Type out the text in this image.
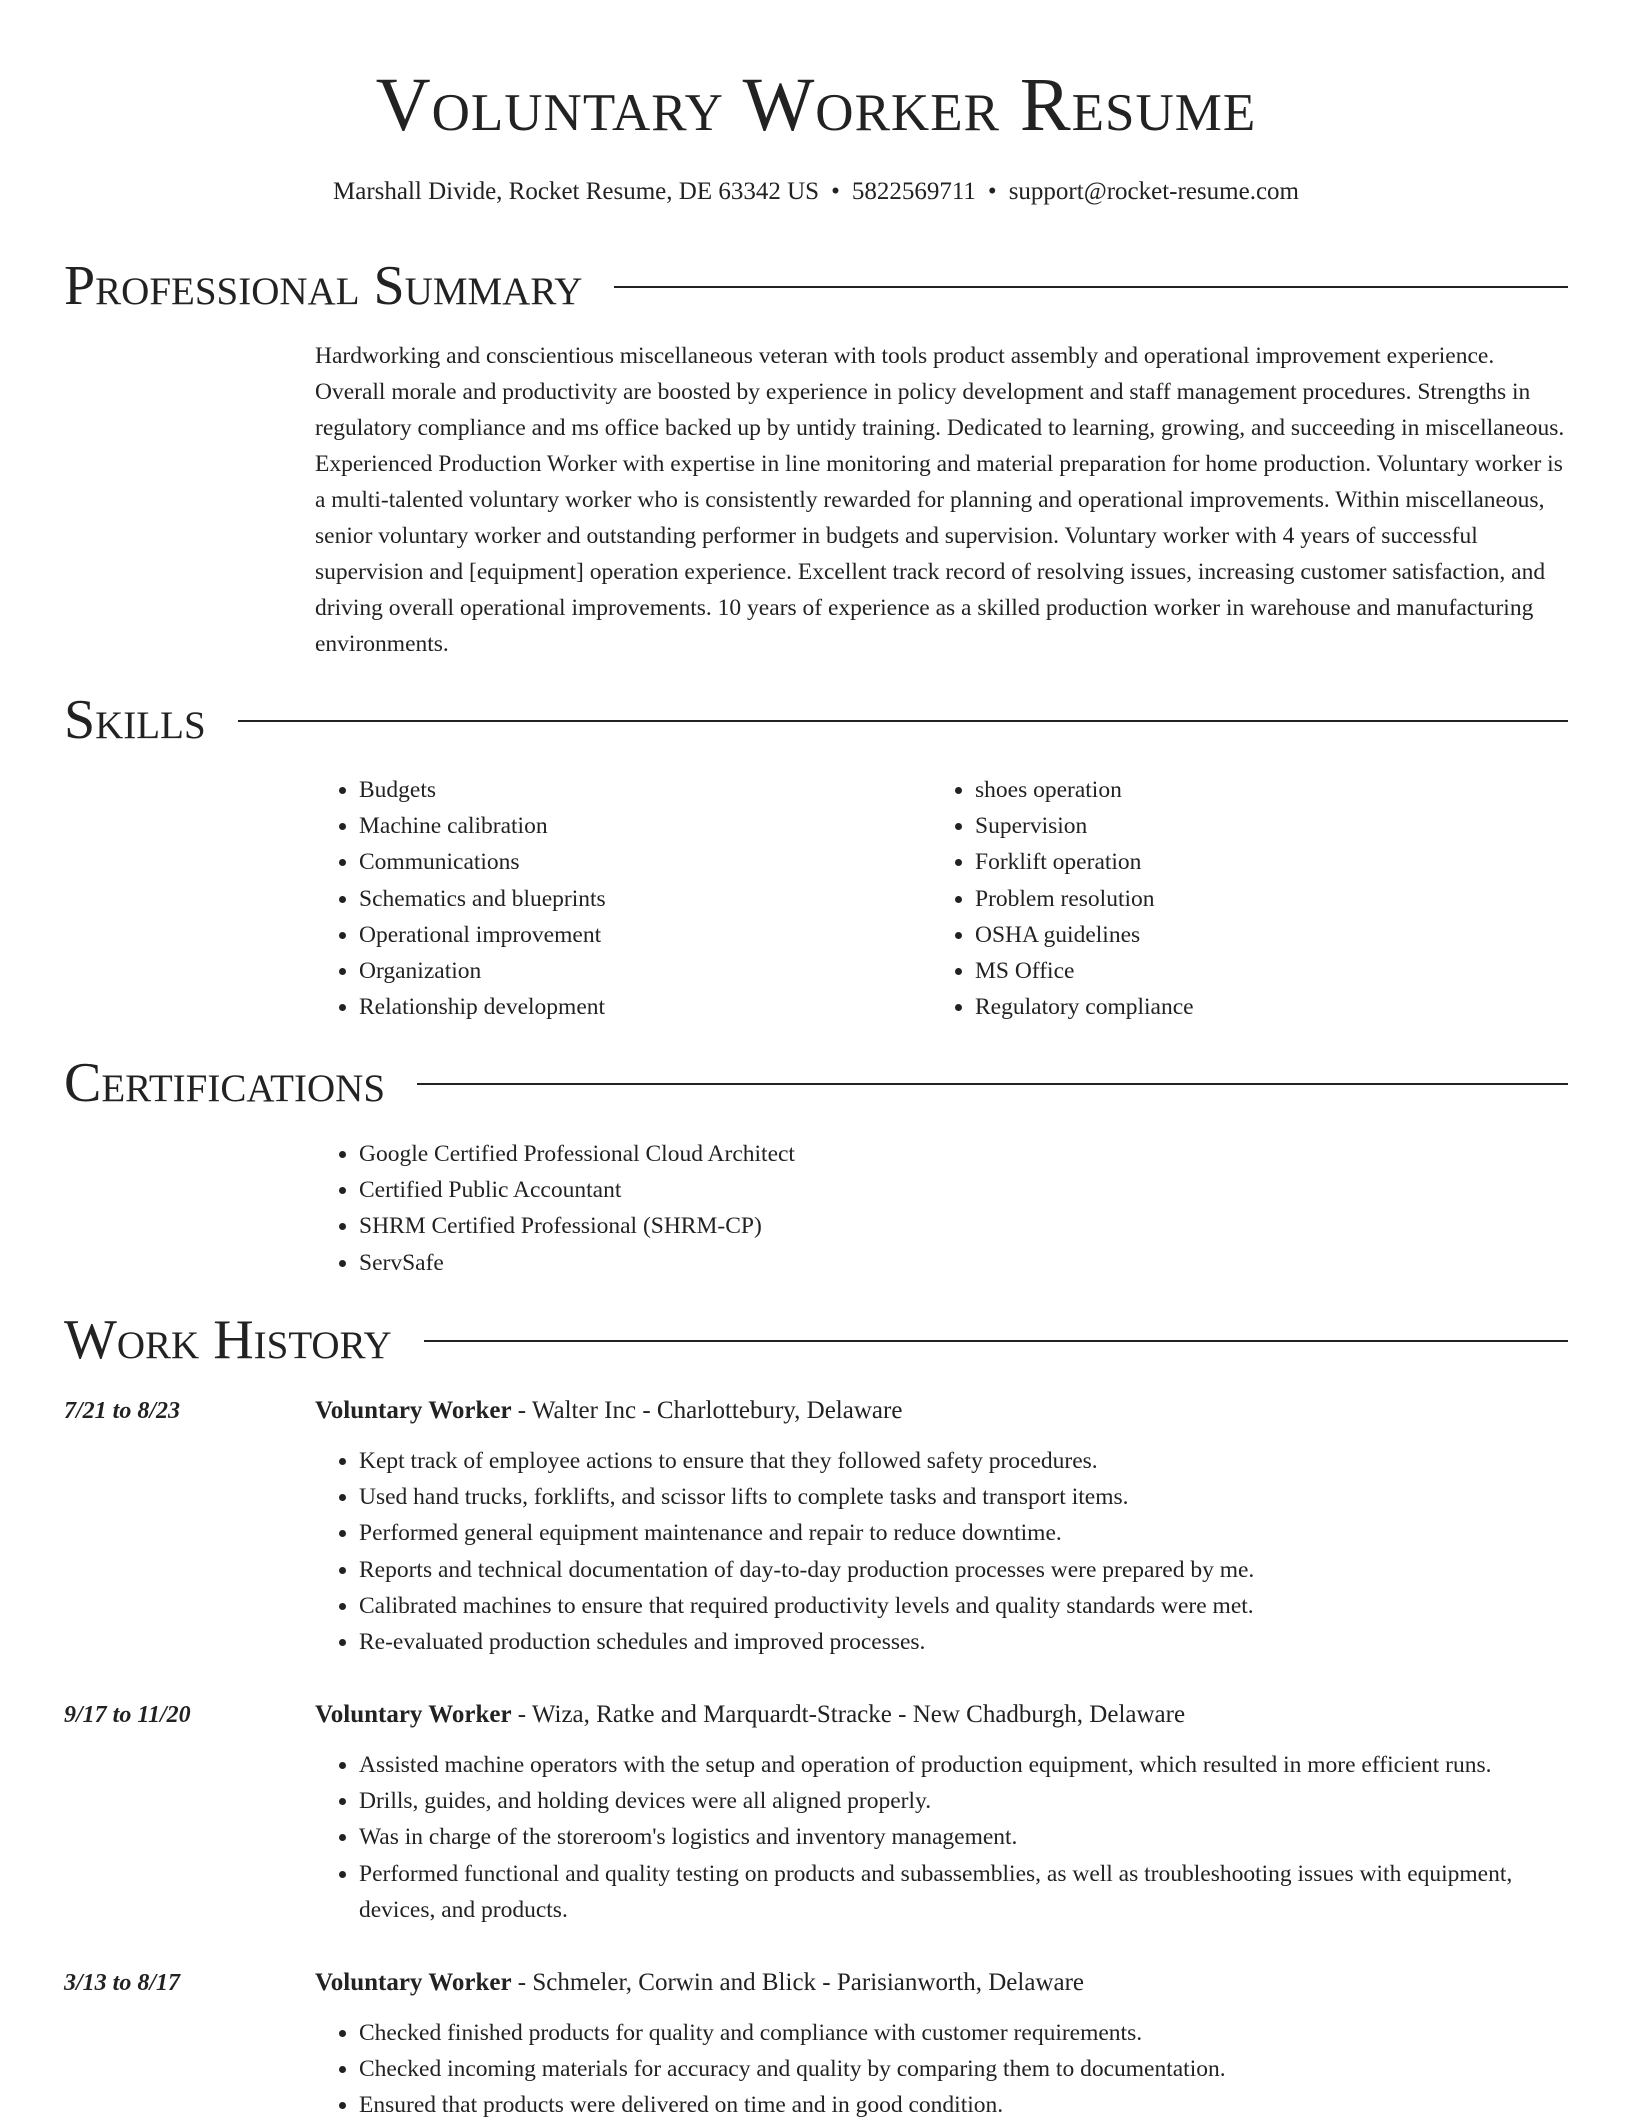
Voluntary Worker Resume
Marshall Divide, Rocket Resume, DE 63342 US • 5822569711 • support@rocket-resume.com
Professional Summary

Hardworking and conscientious miscellaneous veteran with tools product assembly and operational improvement experience. Overall morale and productivity are boosted by experience in policy development and staff management procedures. Strengths in regulatory compliance and ms office backed up by untidy training. Dedicated to learning, growing, and succeeding in miscellaneous. Experienced Production Worker with expertise in line monitoring and material preparation for home production. Voluntary worker is a multi-talented voluntary worker who is consistently rewarded for planning and operational improvements. Within miscellaneous, senior voluntary worker and outstanding performer in budgets and supervision. Voluntary worker with 4 years of successful supervision and [equipment] operation experience. Excellent track record of resolving issues, increasing customer satisfaction, and driving overall operational improvements. 10 years of experience as a skilled production worker in warehouse and manufacturing environments.

Skills
• Budgets
• Machine calibration
• Communications
• Schematics and blueprints
• Operational improvement
• Organization
• Relationship development
• shoes operation
• Supervision
• Forklift operation
• Problem resolution
• OSHA guidelines
• MS Office
• Regulatory compliance
Certifications
• Google Certified Professional Cloud Architect
• Certified Public Accountant
• SHRM Certified Professional (SHRM-CP)
• ServSafe
Work History
7/21 to 8/23	Voluntary Worker - Walter Inc - Charlottebury, Delaware
• Kept track of employee actions to ensure that they followed safety procedures.
• Used hand trucks, forklifts, and scissor lifts to complete tasks and transport items.
• Performed general equipment maintenance and repair to reduce downtime.
• Reports and technical documentation of day-to-day production processes were prepared by me.
• Calibrated machines to ensure that required productivity levels and quality standards were met.
• Re-evaluated production schedules and improved processes.
9/17 to 11/20	Voluntary Worker - Wiza, Ratke and Marquardt-Stracke - New Chadburgh, Delaware
• Assisted machine operators with the setup and operation of production equipment, which resulted in more efficient runs.
• Drills, guides, and holding devices were all aligned properly.
• Was in charge of the storeroom's logistics and inventory management.
• Performed functional and quality testing on products and subassemblies, as well as troubleshooting issues with equipment, devices, and products.
3/13 to 8/17	Voluntary Worker - Schmeler, Corwin and Blick - Parisianworth, Delaware
• Checked finished products for quality and compliance with customer requirements.
• Checked incoming materials for accuracy and quality by comparing them to documentation.
• Ensured that products were delivered on time and in good condition.
